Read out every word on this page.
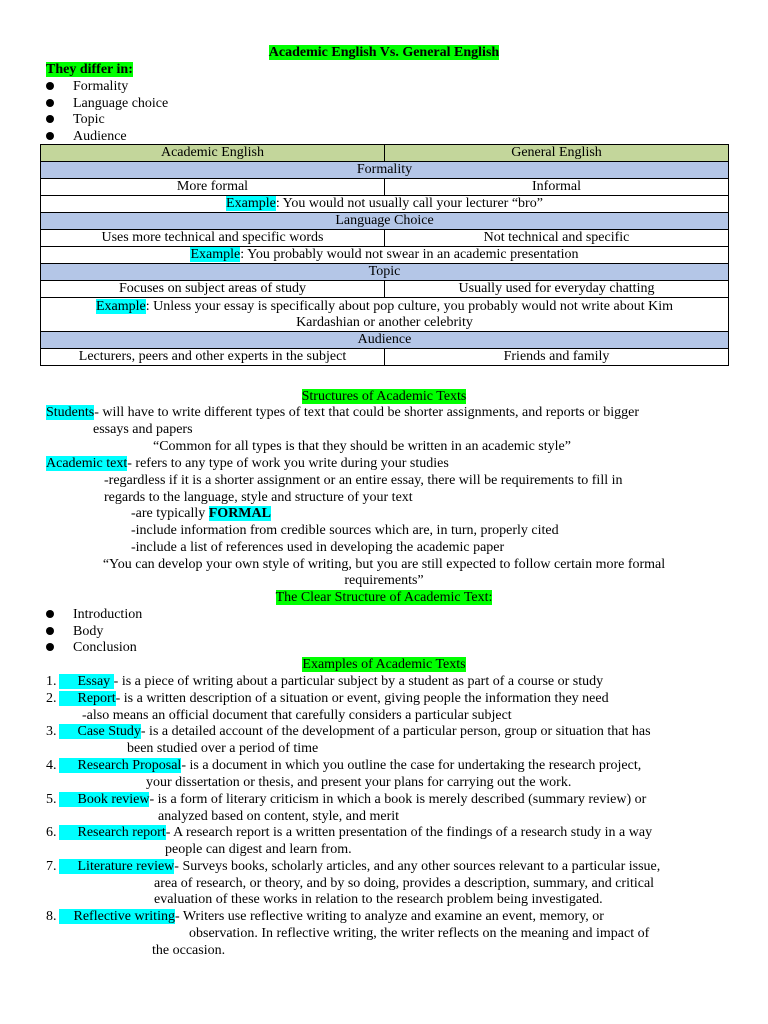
Academic English Vs. General English
They differ in:
Formality
Language choice
Topic
Audience
Academic English	General English
Formality	
More formal	Informal
Example: You would not usually call your lecturer “bro”	
Language Choice	
Uses more technical and specific words	Not technical and specific
Example: You probably would not swear in an academic presentation	
Topic	
Focuses on subject areas of study	Usually used for everyday chatting
Example: Unless your essay is specifically about pop culture, you probably would not write about Kim
Kardashian or another celebrity	
Audience	
Lecturers, peers and other experts in the subject	Friends and family
Structures of Academic Texts
Students- will have to write different types of text that could be shorter assignments, and reports or bigger
essays and papers
“Common for all types is that they should be written in an academic style”
Academic text- refers to any type of work you write during your studies
-regardless if it is a shorter assignment or an entire essay, there will be requirements to fill in
regards to the language, style and structure of your text
-are typically FORMAL
-include information from credible sources which are, in turn, properly cited
-include a list of references used in developing the academic paper
“You can develop your own style of writing, but you are still expected to follow certain more formal
requirements”
The Clear Structure of Academic Text:
Introduction
Body
Conclusion
Examples of Academic Texts
1. Essay - is a piece of writing about a particular subject by a student as part of a course or study
2. Report- is a written description of a situation or event, giving people the information they need
-also means an official document that carefully considers a particular subject
3. Case Study- is a detailed account of the development of a particular person, group or situation that has
been studied over a period of time
4. Research Proposal- is a document in which you outline the case for undertaking the research project,
your dissertation or thesis, and present your plans for carrying out the work.
5. Book review- is a form of literary criticism in which a book is merely described (summary review) or
analyzed based on content, style, and merit
6. Research report- A research report is a written presentation of the findings of a research study in a way
people can digest and learn from.
7. Literature review- Surveys books, scholarly articles, and any other sources relevant to a particular issue,
area of research, or theory, and by so doing, provides a description, summary, and critical
evaluation of these works in relation to the research problem being investigated.
8. Reflective writing- Writers use reflective writing to analyze and examine an event, memory, or
observation. In reflective writing, the writer reflects on the meaning and impact of
the occasion.
